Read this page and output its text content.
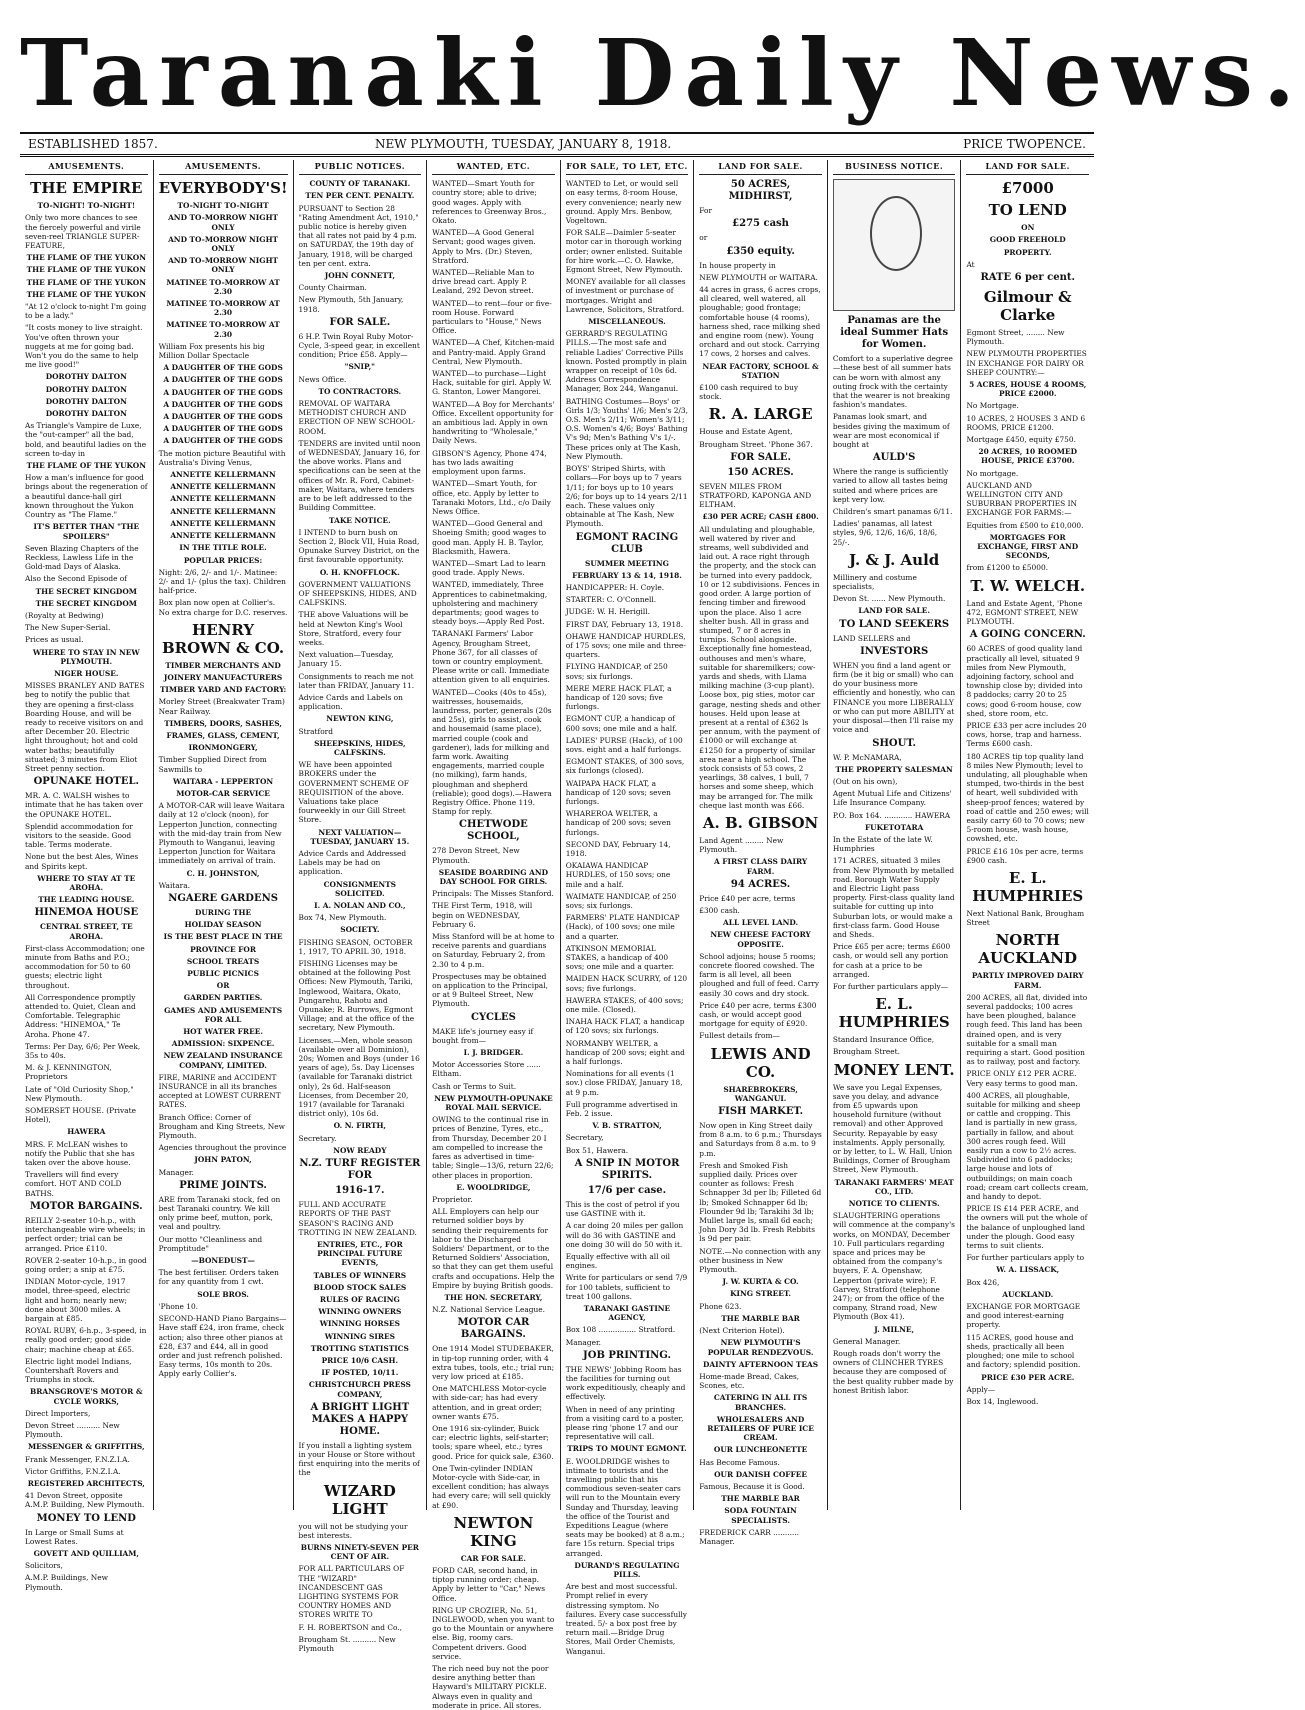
Taranaki Daily News.
ESTABLISHED 1857.	NEW PLYMOUTH, TUESDAY, JANUARY 8, 1918.	PRICE TWOPENCE.
AMUSEMENTS.

THE EMPIRE

TO-NIGHT! TO-NIGHT!

Only two more chances to see the fiercely powerful and virile seven-reel TRIANGLE SUPER-FEATURE,

THE FLAME OF THE YUKON

THE FLAME OF THE YUKON

THE FLAME OF THE YUKON

THE FLAME OF THE YUKON

"At 12 o'clock to-night I'm going to be a lady."

"It costs money to live straight. You've often thrown your nuggets at me for going bad. Won't you do the same to help me live good!"

DOROTHY DALTON

DOROTHY DALTON

DOROTHY DALTON

DOROTHY DALTON

As Triangle's Vampire de Luxe, the "out-camper" all the bad, bold, and beautiful ladies on the screen to-day in

THE FLAME OF THE YUKON

How a man's influence for good brings about the regeneration of a beautiful dance-hall girl known throughout the Yukon Country as "The Flame."

IT'S BETTER THAN "THE SPOILERS"

Seven Blazing Chapters of the Reckless, Lawless Life in the Gold-mad Days of Alaska.

Also the Second Episode of

THE SECRET KINGDOM

THE SECRET KINGDOM

(Royalty at Bedwing)

The New Super-Serial.

Prices as usual.

WHERE TO STAY IN NEW PLYMOUTH.

NIGER HOUSE.

MISSES BRANLEY AND BATES beg to notify the public that they are opening a first-class Boarding House, and will be ready to receive visitors on and after December 20. Electric light throughout; hot and cold water baths; beautifully situated; 3 minutes from Eliot Street penny section.

OPUNAKE HOTEL.

MR. A. C. WALSH wishes to intimate that he has taken over the OPUNAKE HOTEL.

Splendid accommodation for visitors to the seaside. Good table. Terms moderate.

None but the best Ales, Wines and Spirits kept.

WHERE TO STAY AT TE AROHA.

THE LEADING HOUSE.

HINEMOA HOUSE

CENTRAL STREET, TE AROHA.

First-class Accommodation; one minute from Baths and P.O.; accommodation for 50 to 60 guests; electric light throughout.

All Correspondence promptly attended to. Quiet, Clean and Comfortable. Telegraphic Address: "HINEMOA," Te Aroha. Phone 47.

Terms: Per Day, 6/6; Per Week, 35s to 40s.

M. & J. KENNINGTON, Proprietors

Late of "Old Curiosity Shop," New Plymouth.

SOMERSET HOUSE. (Private Hotel),

HAWERA

MRS. F. McLEAN wishes to notify the Public that she has taken over the above house.

Travellers will find every comfort. HOT AND COLD BATHS.

MOTOR BARGAINS.

REILLY 2-seater 10-h.p., with interchangeable wire wheels; in perfect order; trial can be arranged. Price £110.

ROVER 2-seater 10-h.p., in good going order; a snip at £75.

INDIAN Motor-cycle, 1917 model, three-speed, electric light and horn; nearly new; done about 3000 miles. A bargain at £85.

ROYAL RUBY, 6-h.p., 3-speed, in really good order; good side chair; machine cheap at £65.

Electric light model Indians, Countershaft Rovers and Triumphs in stock.

BRANSGROVE'S MOTOR & CYCLE WORKS,

Direct Importers,

Devon Street .......... New Plymouth.

MESSENGER & GRIFFITHS,

Frank Messenger, F.N.Z.I.A.

Victor Griffiths, F.N.Z.I.A.

REGISTERED ARCHITECTS,

41 Devon Street, opposite A.M.P. Building, New Plymouth.

MONEY TO LEND

In Large or Small Sums at Lowest Rates.

GOVETT AND QUILLIAM,

Solicitors,

A.M.P. Buildings, New Plymouth.

AMUSEMENTS.

EVERYBODY'S!

TO-NIGHT TO-NIGHT

AND TO-MORROW NIGHT ONLY

AND TO-MORROW NIGHT ONLY

AND TO-MORROW NIGHT ONLY

MATINEE TO-MORROW AT 2.30

MATINEE TO-MORROW AT 2.30

MATINEE TO-MORROW AT 2.30

William Fox presents his big Million Dollar Spectacle

A DAUGHTER OF THE GODS

A DAUGHTER OF THE GODS

A DAUGHTER OF THE GODS

A DAUGHTER OF THE GODS

A DAUGHTER OF THE GODS

A DAUGHTER OF THE GODS

A DAUGHTER OF THE GODS

The motion picture Beautiful with Australia's Diving Venus,

ANNETTE KELLERMANN

ANNETTE KELLERMANN

ANNETTE KELLERMANN

ANNETTE KELLERMANN

ANNETTE KELLERMANN

ANNETTE KELLERMANN

IN THE TITLE ROLE.

POPULAR PRICES:

Night: 2/6, 2/- and 1/-. Matinee: 2/- and 1/- (plus the tax). Children half-price.

Box plan now open at Collier's. No extra charge for D.C. reserves.

HENRY BROWN & CO.

TIMBER MERCHANTS AND

JOINERY MANUFACTURERS

TIMBER YARD AND FACTORY:

Morley Street (Breakwater Tram) Near Railway.

TIMBERS, DOORS, SASHES,

FRAMES, GLASS, CEMENT,

IRONMONGERY,

Timber Supplied Direct from Sawmills to

WAITARA - LEPPERTON

MOTOR-CAR SERVICE

A MOTOR-CAR will leave Waitara daily at 12 o'clock (noon), for Lepperton Junction, connecting with the mid-day train from New Plymouth to Wanganui, leaving Lepperton Junction for Waitara immediately on arrival of train.

C. H. JOHNSTON,

Waitara.

NGAERE GARDENS

DURING THE

HOLIDAY SEASON

IS THE BEST PLACE IN THE

PROVINCE FOR

SCHOOL TREATS

PUBLIC PICNICS

OR

GARDEN PARTIES.

GAMES AND AMUSEMENTS FOR ALL

HOT WATER FREE.

ADMISSION: SIXPENCE.

NEW ZEALAND INSURANCE COMPANY, LIMITED.

FIRE, MARINE and ACCIDENT INSURANCE in all its branches accepted at LOWEST CURRENT RATES.

Branch Office: Corner of Brougham and King Streets, New Plymouth.

Agencies throughout the province

JOHN PATON,

Manager.

PRIME JOINTS.

ARE from Taranaki stock, fed on best Taranaki country. We kill only prime beef, mutton, pork, veal and poultry.

Our motto "Cleanliness and Promptitude"

—BONEDUST—

The best fertiliser. Orders taken for any quantity from 1 cwt.

SOLE BROS.

'Phone 10.

SECOND-HAND Piano Bargains—Have staff £24, iron frame, check action; also three other pianos at £28, £37 and £44, all in good order and just refrench polished. Easy terms, 10s month to 20s. Apply early Collier's.

PUBLIC NOTICES.

COUNTY OF TARANAKI.

TEN PER CENT. PENALTY.

PURSUANT to Section 28 "Rating Amendment Act, 1910," public notice is hereby given that all rates not paid by 4 p.m. on SATURDAY, the 19th day of January, 1918, will be charged ten per cent. extra.

JOHN CONNETT,

County Chairman.

New Plymouth, 5th January, 1918.

FOR SALE.

6 H.P. Twin Royal Ruby Motor-Cycle, 3-speed gear, in excellent condition; Price £58. Apply—

"SNIP,"

News Office.

TO CONTRACTORS.

REMOVAL OF WAITARA METHODIST CHURCH AND ERECTION OF NEW SCHOOL-ROOM.

TENDERS are invited until noon of WEDNESDAY, January 16, for the above works. Plans and specifications can be seen at the offices of Mr. R. Ford, Cabinet-maker, Waitara, where tenders are to be left addressed to the Building Committee.

TAKE NOTICE.

I INTEND to burn bush on Section 2, Block VII, Huia Road, Opunake Survey District, on the first favourable opportunity.

O. H. KNOFFLOCK.

GOVERNMENT VALUATIONS OF SHEEPSKINS, HIDES, AND CALFSKINS.

THE above Valuations will be held at Newton King's Wool Store, Stratford, every four weeks.

Next valuation—Tuesday, January 15.

Consignments to reach me not later than FRIDAY, January 11.

Advice Cards and Labels on application.

NEWTON KING,

Stratford

SHEEPSKINS, HIDES, CALFSKINS.

WE have been appointed BROKERS under the GOVERNMENT SCHEME OF REQUISITION of the above. Valuations take place fourweekly in our Gill Street Store.

NEXT VALUATION—TUESDAY, JANUARY 15.

Advice Cards and Addressed Labels may be had on application.

CONSIGNMENTS SOLICITED.

I. A. NOLAN AND CO.,

Box 74, New Plymouth.

SOCIETY.

FISHING SEASON, OCTOBER 1, 1917, TO APRIL 30, 1918.

FISHING Licenses may be obtained at the following Post Offices: New Plymouth, Tariki, Inglewood, Waitara, Okato, Pungarehu, Rahotu and Opunake; R. Burrows, Egmont Village; and at the office of the secretary, New Plymouth.

Licenses.—Men, whole season (available over all Dominion), 20s; Women and Boys (under 16 years of age), 5s. Day Licenses (available for Taranaki district only), 2s 6d. Half-season Licenses, from December 20, 1917 (available for Taranaki district only), 10s 6d.

O. N. FIRTH,

Secretary.

NOW READY

N.Z. TURF REGISTER FOR

1916-17.

FULL AND ACCURATE REPORTS OF THE PAST SEASON'S RACING AND TROTTING IN NEW ZEALAND.

ENTRIES, ETC., FOR PRINCIPAL FUTURE EVENTS,

TABLES OF WINNERS

BLOOD STOCK SALES

RULES OF RACING

WINNING OWNERS

WINNING HORSES

WINNING SIRES

TROTTING STATISTICS

PRICE 10/6 CASH.

IF POSTED, 10/11.

CHRISTCHURCH PRESS COMPANY,

A BRIGHT LIGHT MAKES A HAPPY HOME.

If you install a lighting system in your House or Store without first enquiring into the merits of the

WIZARD LIGHT

you will not be studying your best interests.

BURNS NINETY-SEVEN PER CENT OF AIR.

FOR ALL PARTICULARS OF THE "WIZARD" INCANDESCENT GAS LIGHTING SYSTEMS FOR COUNTRY HOMES AND STORES WRITE TO

F. H. ROBERTSON and Co.,

Brougham St. .......... New Plymouth

WANTED, ETC.

WANTED—Smart Youth for country store; able to drive; good wages. Apply with references to Greenway Bros., Okato.

WANTED—A Good General Servant; good wages given. Apply to Mrs. (Dr.) Steven, Stratford.

WANTED—Reliable Man to drive bread cart. Apply P. Lealand, 292 Devon street.

WANTED—to rent—four or five-room House. Forward particulars to "House," News Office.

WANTED—A Chef, Kitchen-maid and Pantry-maid. Apply Grand Central, New Plymouth.

WANTED—to purchase—Light Hack, suitable for girl. Apply W. G. Stanton, Lower Mangorei.

WANTED—A Boy for Merchants' Office. Excellent opportunity for an ambitious lad. Apply in own handwriting to "Wholesale," Daily News.

GIBSON'S Agency, Phone 474, has two lads awaiting employment upon farms.

WANTED—Smart Youth, for office, etc. Apply by letter to Taranaki Motors, Ltd., c/o Daily News Office.

WANTED—Good General and Shoeing Smith; good wages to good man. Apply H. B. Taylor, Blacksmith, Hawera.

WANTED—Smart Lad to learn good trade. Apply News.

WANTED, immediately, Three Apprentices to cabinetmaking, upholstering and machinery departments; good wages to steady boys.—Apply Red Post.

TARANAKI Farmers' Labor Agency, Brougham Street, Phone 367, for all classes of town or country employment. Please write or call. Immediate attention given to all enquiries.

WANTED—Cooks (40s to 45s), waitresses, housemaids, laundress, porter, generals (20s and 25s), girls to assist, cook and housemaid (same place), married couple (cook and gardener), lads for milking and farm work. Awaiting engagements, married couple (no milking), farm hands, ploughman and shepherd (reliable); good dogs).—Hawera Registry Office. Phone 119. Stamp for reply.

CHETWODE SCHOOL,

278 Devon Street, New Plymouth.

SEASIDE BOARDING AND DAY SCHOOL FOR GIRLS.

Principals: The Misses Stanford.

THE First Term, 1918, will begin on WEDNESDAY, February 6.

Miss Stanford will be at home to receive parents and guardians on Saturday, February 2, from 2.30 to 4 p.m.

Prospectuses may be obtained on application to the Principal, or at 9 Bulteel Street, New Plymouth.

CYCLES

MAKE life's journey easy if bought from—

I. J. BRIDGER.

Motor Accessories Store ...... Eltham.

Cash or Terms to Suit.

NEW PLYMOUTH-OPUNAKE ROYAL MAIL SERVICE.

OWING to the continual rise in prices of Benzine, Tyres, etc., from Thursday, December 20 I am compelled to increase the fares as advertised in time-table; Single—13/6, return 22/6; other places in proportion.

E. WOOLDRIDGE,

Proprietor.

ALL Employers can help our returned soldier boys by sending their requirements for labor to the Discharged Soldiers' Department, or to the Returned Soldiers' Association, so that they can get them useful crafts and occupations. Help the Empire by buying British goods.

THE HON. SECRETARY,

N.Z. National Service League.

MOTOR CAR BARGAINS.

One 1914 Model STUDEBAKER, in tip-top running order, with 4 extra tubes, tools, etc.; trial run; very low priced at £185.

One MATCHLESS Motor-cycle with side-car; has had every attention, and in great order; owner wants £75.

One 1916 six-cylinder, Buick car; electric lights, self-starter; tools; spare wheel, etc.; tyres good. Price for quick sale, £360.

One Twin-cylinder INDIAN Motor-cycle with Side-car, in excellent condition; has always had every care; will sell quickly at £90.

NEWTON KING

CAR FOR SALE.

FORD CAR, second hand, in tiptop running order; cheap. Apply by letter to "Car," News Office.

RING UP CROZIER, No. 51, INGLEWOOD, when you want to go to the Mountain or anywhere else. Big, roomy cars. Competent drivers. Good service.

The rich need buy not the poor desire anything better than Hayward's MILITARY PICKLE. Always even in quality and moderate in price. All stores.

FOR SALE, TO LET, ETC.

WANTED to Let, or would sell on easy terms, 8-room House, every convenience; nearly new ground. Apply Mrs. Benbow, Vogeltown.

FOR SALE—Daimler 5-seater motor car in thorough working order; owner enlisted. Suitable for hire work.—C. O. Hawke, Egmont Street, New Plymouth.

MONEY available for all classes of investment or purchase of mortgages. Wright and Lawrence, Solicitors, Stratford.

MISCELLANEOUS.

GERRARD'S REGULATING PILLS.—The most safe and reliable Ladies' Corrective Pills known. Posted promptly in plain wrapper on receipt of 10s 6d. Address Correspondence Manager, Box 244, Wanganui.

BATHING Costumes—Boys' or Girls 1/3; Youths' 1/6; Men's 2/3, O.S. Men's 2/11; Women's 3/11; O.S. Women's 4/6; Boys' Bathing V's 9d; Men's Bathing V's 1/-. These prices only at The Kash, New Plymouth.

BOYS' Striped Shirts, with collars—For boys up to 7 years 1/11; for boys up to 10 years 2/6; for boys up to 14 years 2/11 each. These values only obtainable at The Kash, New Plymouth.

EGMONT RACING CLUB

SUMMER MEETING

FEBRUARY 13 & 14, 1918.

HANDICAPPER: H. Coyle.

STARTER: C. O'Connell.

JUDGE: W. H. Herigill.

FIRST DAY, February 13, 1918.

OHAWE HANDICAP HURDLES, of 175 sovs; one mile and three-quarters.

FLYING HANDICAP, of 250 sovs; six furlongs.

MERE MERE HACK FLAT, a handicap of 120 sovs; five furlongs.

EGMONT CUP, a handicap of 600 sovs; one mile and a half.

LADIES' PURSE (Hack), of 100 sovs. eight and a half furlongs.

EGMONT STAKES, of 300 sovs, six furlongs (closed).

WAIPAPA HACK FLAT, a handicap of 120 sovs; seven furlongs.

WHAREROA WELTER, a handicap of 200 sovs; seven furlongs.

SECOND DAY, February 14, 1918.

OKAIAWA HANDICAP HURDLES, of 150 sovs; one mile and a half.

WAIMATE HANDICAP, of 250 sovs; six furlongs.

FARMERS' PLATE HANDICAP (Hack), of 100 sovs; one mile and a quarter.

ATKINSON MEMORIAL STAKES, a handicap of 400 sovs; one mile and a quarter.

MAIDEN HACK SCURRY, of 120 sovs; five furlongs.

HAWERA STAKES, of 400 sovs; one mile. (Closed).

INAHA HACK FLAT, a handicap of 120 sovs; six furlongs.

NORMANBY WELTER, a handicap of 200 sovs; eight and a half furlongs.

Nominations for all events (1 sov.) close FRIDAY, January 18, at 9 p.m.

Full programme advertised in Feb. 2 issue.

V. B. STRATTON,

Secretary,

Box 51, Hawera.

A SNIP IN MOTOR SPIRITS.

17/6 per case.

This is the cost of petrol if you use GASTINE with it.

A car doing 20 miles per gallon will do 36 with GASTINE and one doing 30 will do 50 with it.

Equally effective with all oil engines.

Write for particulars or send 7/9 for 100 tablets, sufficient to treat 100 gallons.

TARANAKI GASTINE AGENCY,

Box 108 ................ Stratford.

Manager.

JOB PRINTING.

THE NEWS' Jobbing Room has the facilities for turning out work expeditiously, cheaply and effectively.

When in need of any printing from a visiting card to a poster, please ring 'phone 17 and our representative will call.

TRIPS TO MOUNT EGMONT.

E. WOOLDRIDGE wishes to intimate to tourists and the travelling public that his commodious seven-seater cars will run to the Mountain every Sunday and Thursday, leaving the office of the Tourist and Expeditions League (where seats may be booked) at 8 a.m.; fare 15s return. Special trips arranged.

DURAND'S REGULATING PILLS.

Are best and most successful. Prompt relief in every distressing symptom. No failures. Every case successfully treated. 5/- a box post free by return mail.—Bridge Drug Stores, Mail Order Chemists, Wanganui.

LAND FOR SALE.

50 ACRES, MIDHIRST,

For

£275 cash

or

£350 equity.

In house property in

NEW PLYMOUTH or WAITARA.

44 acres in grass, 6 acres crops, all cleared, well watered, all ploughable; good frontage; comfortable house (4 rooms), harness shed, race milking shed and engine room (new). Young orchard and out stock. Carrying 17 cows, 2 horses and calves.

NEAR FACTORY, SCHOOL & STATION

£100 cash required to buy stock.

R. A. LARGE

House and Estate Agent,

Brougham Street. 'Phone 367.

FOR SALE.

150 ACRES.

SEVEN MILES FROM STRATFORD, KAPONGA AND ELTHAM.

£30 PER ACRE; CASH £800.

All undulating and ploughable, well watered by river and streams, well subdivided and laid out. A race right through the property, and the stock can be turned into every paddock, 10 or 12 subdivisions. Fences in good order. A large portion of fencing timber and firewood upon the place. Also 1 acre shelter bush. All in grass and stumped, 7 or 8 acres in turnips. School alongside. Exceptionally fine homestead, outhouses and men's whare, suitable for sharemilkers; cow-yards and sheds, with Llama milking machine (3-cup plant). Loose box, pig sties, motor car garage, nesting sheds and other houses. Held upon lease at present at a rental of £362 ls per annum, with the payment of £1000 or will exchange at £1250 for a property of similar area near a high school. The stock consists of 53 cows, 2 yearlings, 38 calves, 1 bull, 7 horses and some sheep, which may be arranged for. The milk cheque last month was £66.

A. B. GIBSON

Land Agent ........ New Plymouth.

A FIRST CLASS DAIRY FARM.

94 ACRES.

Price £40 per acre, terms

£300 cash.

ALL LEVEL LAND.

NEW CHEESE FACTORY OPPOSITE.

School adjoins; house 5 rooms; concrete floored cowshed. The farm is all level, all been ploughed and full of feed. Carry easily 30 cows and dry stock.

Price £40 per acre, terms £300 cash, or would accept good mortgage for equity of £920.

Fullest details from—

LEWIS AND CO.

SHAREBROKERS, WANGANUI.

FISH MARKET.

Now open in King Street daily from 8 a.m. to 6 p.m.; Thursdays and Saturdays from 8 a.m. to 9 p.m.

Fresh and Smoked Fish supplied daily. Prices over counter as follows: Fresh Schnapper 3d per lb; Filleted 6d lb; Smoked Schnapper 6d lb; Flounder 9d lb; Tarakihi 3d lb; Mullet large ls, small 6d each; John Dory 3d lb. Fresh Rebbits ls 9d per pair.

NOTE.—No connection with any other business in New Plymouth.

J. W. KURTA & CO.

KING STREET.

Phone 623.

THE MARBLE BAR

(Next Criterion Hotel).

NEW PLYMOUTH'S POPULAR RENDEZVOUS.

DAINTY AFTERNOON TEAS

Home-made Bread, Cakes, Scones, etc.

CATERING IN ALL ITS BRANCHES.

WHOLESALERS AND RETAILERS OF PURE ICE CREAM.

OUR LUNCHEONETTE

Has Become Famous.

OUR DANISH COFFEE

Famous, Because it is Good.

THE MARBLE BAR

SODA FOUNTAIN SPECIALISTS.

FREDERICK CARR ........... Manager.

BUSINESS NOTICE.

Panamas are the ideal Summer Hats for Women.

Comfort to a superlative degree—these best of all summer hats can be worn with almost any outing frock with the certainty that the wearer is not breaking fashion's mandates.

Panamas look smart, and besides giving the maximum of wear are most economical if bought at

AULD'S

Where the range is sufficiently varied to allow all tastes being suited and where prices are kept very low.

Children's smart panamas 6/11.

Ladies' panamas, all latest styles, 9/6, 12/6, 16/6, 18/6, 25/-.

J. & J. Auld

Millinery and costume specialists,

Devon St. ...... New Plymouth.

LAND FOR SALE.

TO LAND SEEKERS

LAND SELLERS and

INVESTORS

WHEN you find a land agent or firm (be it big or small) who can do your business more efficiently and honestly, who can FINANCE you more LIBERALLY or who can put more ABILITY at your disposal—then I'll raise my voice and

SHOUT.

W. P. McNAMARA,

THE PROPERTY SALESMAN

(Out on his own),

Agent Mutual Life and Citizens' Life Insurance Company.

P.O. Box 164. ............ HAWERA

FUKETOTARA

In the Estate of the late W. Humphries

171 ACRES, situated 3 miles from New Plymouth by metalled road. Borough Water Supply and Electric Light pass property. First-class quality land suitable for cutting up into Suburban lots, or would make a first-class farm. Good House and Sheds.

Price £65 per acre; terms £600 cash, or would sell any portion for cash at a price to be arranged.

For further particulars apply—

E. L. HUMPHRIES

Standard Insurance Office,

Brougham Street.

MONEY LENT.

We save you Legal Expenses, save you delay, and advance from £5 upwards upon household furniture (without removal) and other Approved Security. Repayable by easy instalments. Apply personally, or by letter, to L. W. Hall, Union Buildings, Corner of Brougham Street, New Plymouth.

TARANAKI FARMERS' MEAT CO., LTD.

NOTICE TO CLIENTS.

SLAUGHTERING operations will commence at the company's works, on MONDAY, December 10. Full particulars regarding space and prices may be obtained from the company's buyers, F. A. Openshaw, Lepperton (private wire); F. Garvey, Stratford (telephone 247); or from the office of the company, Strand road, New Plymouth (Box 41).

J. MILNE,

General Manager.

Rough roads don't worry the owners of CLINCHER TYRES because they are composed of the best quality rubber made by honest British labor.

LAND FOR SALE.

£7000

TO LEND

ON

GOOD FREEHOLD

PROPERTY.

At

RATE 6 per cent.

Gilmour & Clarke

Egmont Street, ........ New Plymouth.

NEW PLYMOUTH PROPERTIES IN EXCHANGE FOR DAIRY OR SHEEP COUNTRY:—

5 ACRES, HOUSE 4 ROOMS, PRICE £2000.

No Mortgage.

10 ACRES, 2 HOUSES 3 AND 6 ROOMS, PRICE £1200.

Mortgage £450, equity £750.

20 ACRES, 10 ROOMED HOUSE, PRICE £3700.

No mortgage.

AUCKLAND AND WELLINGTON CITY AND SUBURBAN PROPERTIES IN EXCHANGE FOR FARMS:—

Equities from £500 to £10,000.

MORTGAGES FOR EXCHANGE, FIRST AND SECONDS,

from £1200 to £5000.

T. W. WELCH.

Land and Estate Agent, 'Phone 472, EGMONT STREET, NEW PLYMOUTH.

A GOING CONCERN.

60 ACRES of good quality land practically all level, situated 9 miles from New Plymouth, adjoining factory, school and township close by; divided into 8 paddocks; carry 20 to 25 cows; good 6-room house, cow shed, store room, etc.

PRICE £33 per acre includes 20 cows, horse, trap and harness. Terms £600 cash.

180 ACRES tip top quality land 8 miles New Plymouth; level to undulating, all ploughable when stumped, two-thirds in the best of heart, well subdivided with sheep-proof fences; watered by road of cattle and 250 ewes; will easily carry 60 to 70 cows; new 5-room house, wash house, cowshed, etc.

PRICE £16 10s per acre, terms £900 cash.

E. L. HUMPHRIES

Next National Bank, Brougham Street

NORTH AUCKLAND

PARTLY IMPROVED DAIRY FARM.

200 ACRES, all flat, divided into several paddocks; 100 acres have been ploughed, balance rough feed. This land has been drained open, and is very suitable for a small man requiring a start. Good position as to railway, post and factory.

PRICE ONLY £12 PER ACRE. Very easy terms to good man.

400 ACRES, all ploughable, suitable for milking and sheep or cattle and cropping. This land is partially in new grass, partially in fallow, and about 300 acres rough feed. Will easily run a cow to 2½ acres. Subdivided into 6 paddocks; large house and lots of outbuildings; on main coach road; cream cart collects cream, and handy to depot.

PRICE IS £14 PER ACRE, and the owners will put the whole of the balance of unploughed land under the plough. Good easy terms to suit clients.

For further particulars apply to

W. A. LISSACK,

Box 426,

AUCKLAND.

EXCHANGE FOR MORTGAGE and good interest-earning property.

115 ACRES, good house and sheds, practically all been ploughed; one mile to school and factory; splendid position.

PRICE £30 PER ACRE.

Apply—

Box 14, Inglewood.
